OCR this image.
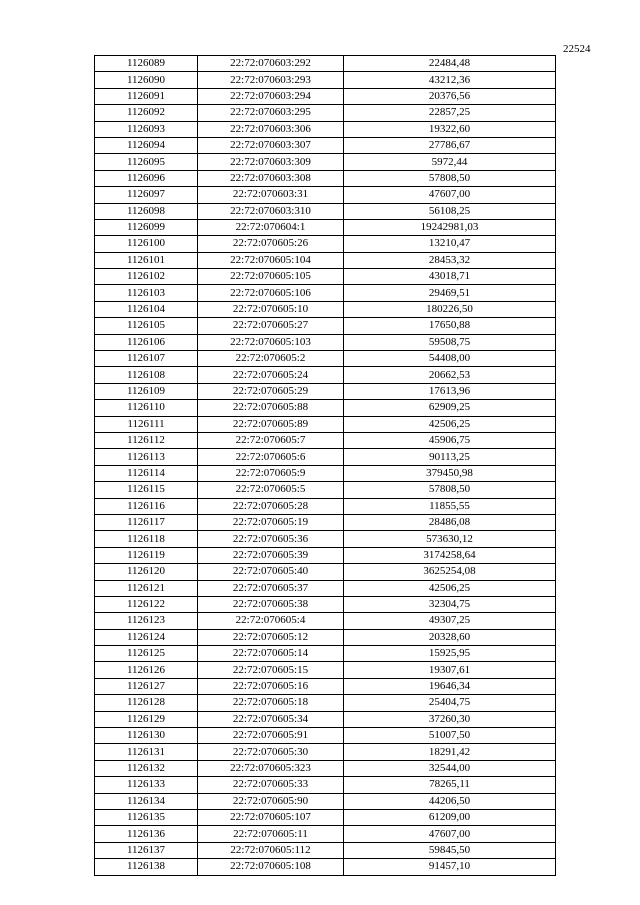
22524
1126089	22:72:070603:292	22484,48
1126090	22:72:070603:293	43212,36
1126091	22:72:070603:294	20376,56
1126092	22:72:070603:295	22857,25
1126093	22:72:070603:306	19322,60
1126094	22:72:070603:307	27786,67
1126095	22:72:070603:309	5972,44
1126096	22:72:070603:308	57808,50
1126097	22:72:070603:31	47607,00
1126098	22:72:070603:310	56108,25
1126099	22:72:070604:1	19242981,03
1126100	22:72:070605:26	13210,47
1126101	22:72:070605:104	28453,32
1126102	22:72:070605:105	43018,71
1126103	22:72:070605:106	29469,51
1126104	22:72:070605:10	180226,50
1126105	22:72:070605:27	17650,88
1126106	22:72:070605:103	59508,75
1126107	22:72:070605:2	54408,00
1126108	22:72:070605:24	20662,53
1126109	22:72:070605:29	17613,96
1126110	22:72:070605:88	62909,25
1126111	22:72:070605:89	42506,25
1126112	22:72:070605:7	45906,75
1126113	22:72:070605:6	90113,25
1126114	22:72:070605:9	379450,98
1126115	22:72:070605:5	57808,50
1126116	22:72:070605:28	11855,55
1126117	22:72:070605:19	28486,08
1126118	22:72:070605:36	573630,12
1126119	22:72:070605:39	3174258,64
1126120	22:72:070605:40	3625254,08
1126121	22:72:070605:37	42506,25
1126122	22:72:070605:38	32304,75
1126123	22:72:070605:4	49307,25
1126124	22:72:070605:12	20328,60
1126125	22:72:070605:14	15925,95
1126126	22:72:070605:15	19307,61
1126127	22:72:070605:16	19646,34
1126128	22:72:070605:18	25404,75
1126129	22:72:070605:34	37260,30
1126130	22:72:070605:91	51007,50
1126131	22:72:070605:30	18291,42
1126132	22:72:070605:323	32544,00
1126133	22:72:070605:33	78265,11
1126134	22:72:070605:90	44206,50
1126135	22:72:070605:107	61209,00
1126136	22:72:070605:11	47607,00
1126137	22:72:070605:112	59845,50
1126138	22:72:070605:108	91457,10
